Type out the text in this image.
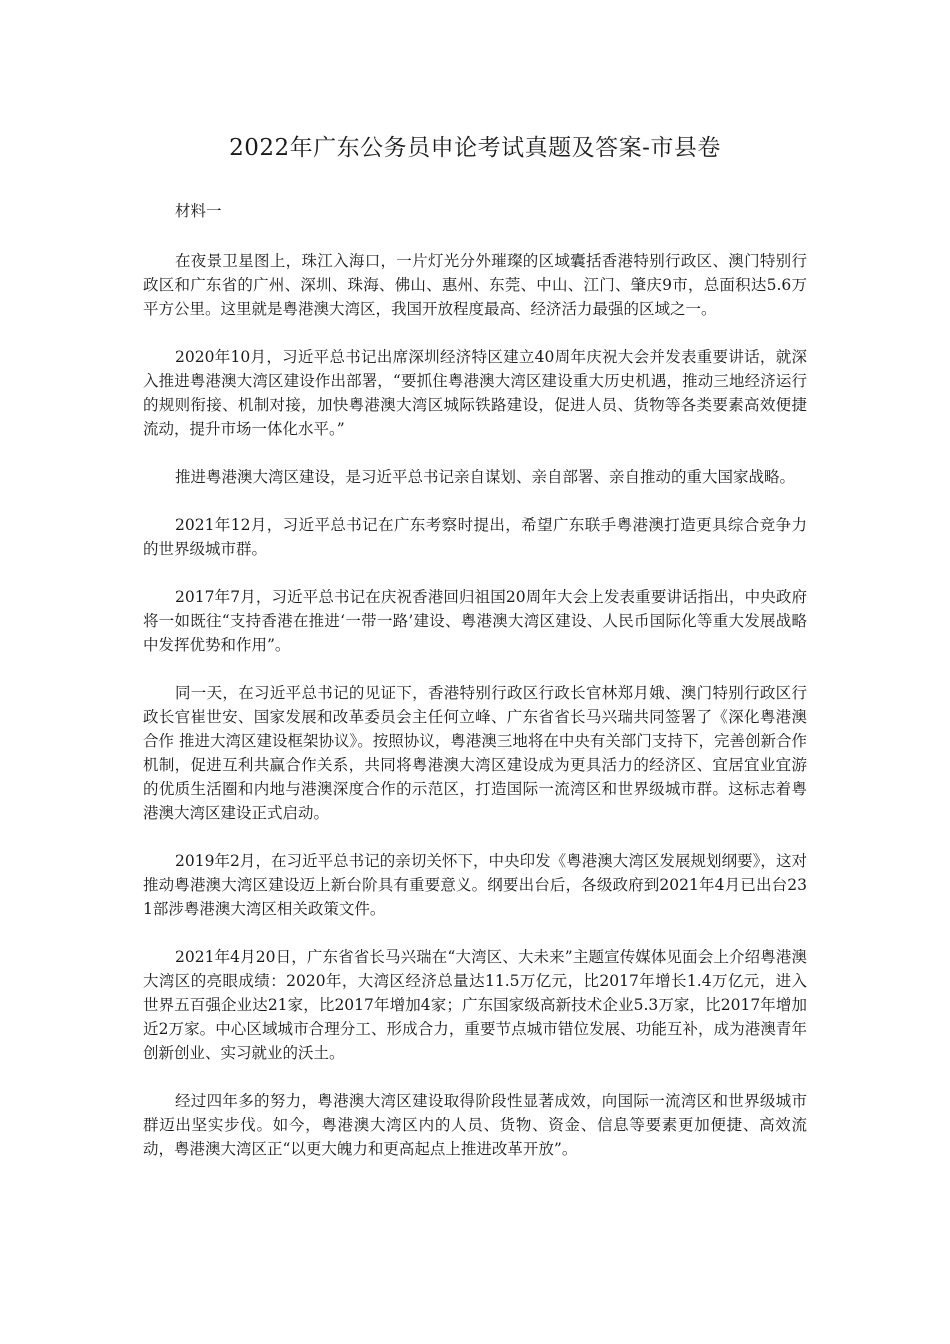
2022年广东公务员申论考试真题及答案-市县卷

材料一

在夜景卫星图上，珠江入海口，一片灯光分外璀璨的区域囊括香港特别行政区、澳门特别行政区和广东省的广州、深圳、珠海、佛山、惠州、东莞、中山、江门、肇庆9市，总面积达5.6万平方公里。这里就是粤港澳大湾区，我国开放程度最高、经济活力最强的区域之一。

2020年10月，习近平总书记出席深圳经济特区建立40周年庆祝大会并发表重要讲话，就深入推进粤港澳大湾区建设作出部署，“要抓住粤港澳大湾区建设重大历史机遇，推动三地经济运行的规则衔接、机制对接，加快粤港澳大湾区城际铁路建设，促进人员、货物等各类要素高效便捷流动，提升市场一体化水平。”

推进粤港澳大湾区建设，是习近平总书记亲自谋划、亲自部署、亲自推动的重大国家战略。

2021年12月，习近平总书记在广东考察时提出，希望广东联手粤港澳打造更具综合竞争力的世界级城市群。

2017年7月，习近平总书记在庆祝香港回归祖国20周年大会上发表重要讲话指出，中央政府将一如既往“支持香港在推进‘一带一路’建设、粤港澳大湾区建设、人民币国际化等重大发展战略中发挥优势和作用”。

同一天，在习近平总书记的见证下，香港特别行政区行政长官林郑月娥、澳门特别行政区行政长官崔世安、国家发展和改革委员会主任何立峰、广东省省长马兴瑞共同签署了《深化粤港澳合作 推进大湾区建设框架协议》。按照协议，粤港澳三地将在中央有关部门支持下，完善创新合作机制，促进互利共赢合作关系，共同将粤港澳大湾区建设成为更具活力的经济区、宜居宜业宜游的优质生活圈和内地与港澳深度合作的示范区，打造国际一流湾区和世界级城市群。这标志着粤港澳大湾区建设正式启动。

2019年2月，在习近平总书记的亲切关怀下，中央印发《粤港澳大湾区发展规划纲要》，这对推动粤港澳大湾区建设迈上新台阶具有重要意义。纲要出台后，各级政府到2021年4月已出台231部涉粤港澳大湾区相关政策文件。

2021年4月20日，广东省省长马兴瑞在“大湾区、大未来”主题宣传媒体见面会上介绍粤港澳大湾区的亮眼成绩：2020年，大湾区经济总量达11.5万亿元，比2017年增长1.4万亿元，进入世界五百强企业达21家，比2017年增加4家；广东国家级高新技术企业5.3万家，比2017年增加近2万家。中心区域城市合理分工、形成合力，重要节点城市错位发展、功能互补，成为港澳青年创新创业、实习就业的沃土。

经过四年多的努力，粤港澳大湾区建设取得阶段性显著成效，向国际一流湾区和世界级城市群迈出坚实步伐。如今，粤港澳大湾区内的人员、货物、资金、信息等要素更加便捷、高效流动，粤港澳大湾区正“以更大魄力和更高起点上推进改革开放”。
